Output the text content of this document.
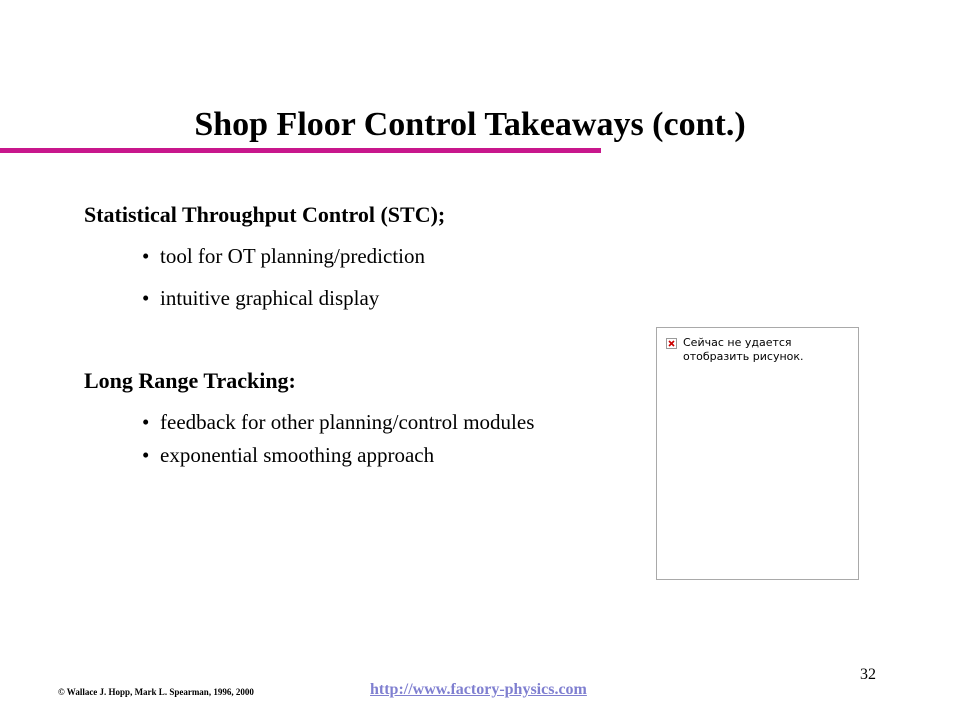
Shop Floor Control Takeaways (cont.)
Statistical Throughput Control (STC);
• tool for OT planning/prediction
• intuitive graphical display
Long Range Tracking:
• feedback for other planning/control modules
• exponential smoothing approach
Сейчас не удается отобразить рисунок.
32
© Wallace J. Hopp, Mark L. Spearman, 1996, 2000	http://www.factory-physics.com
